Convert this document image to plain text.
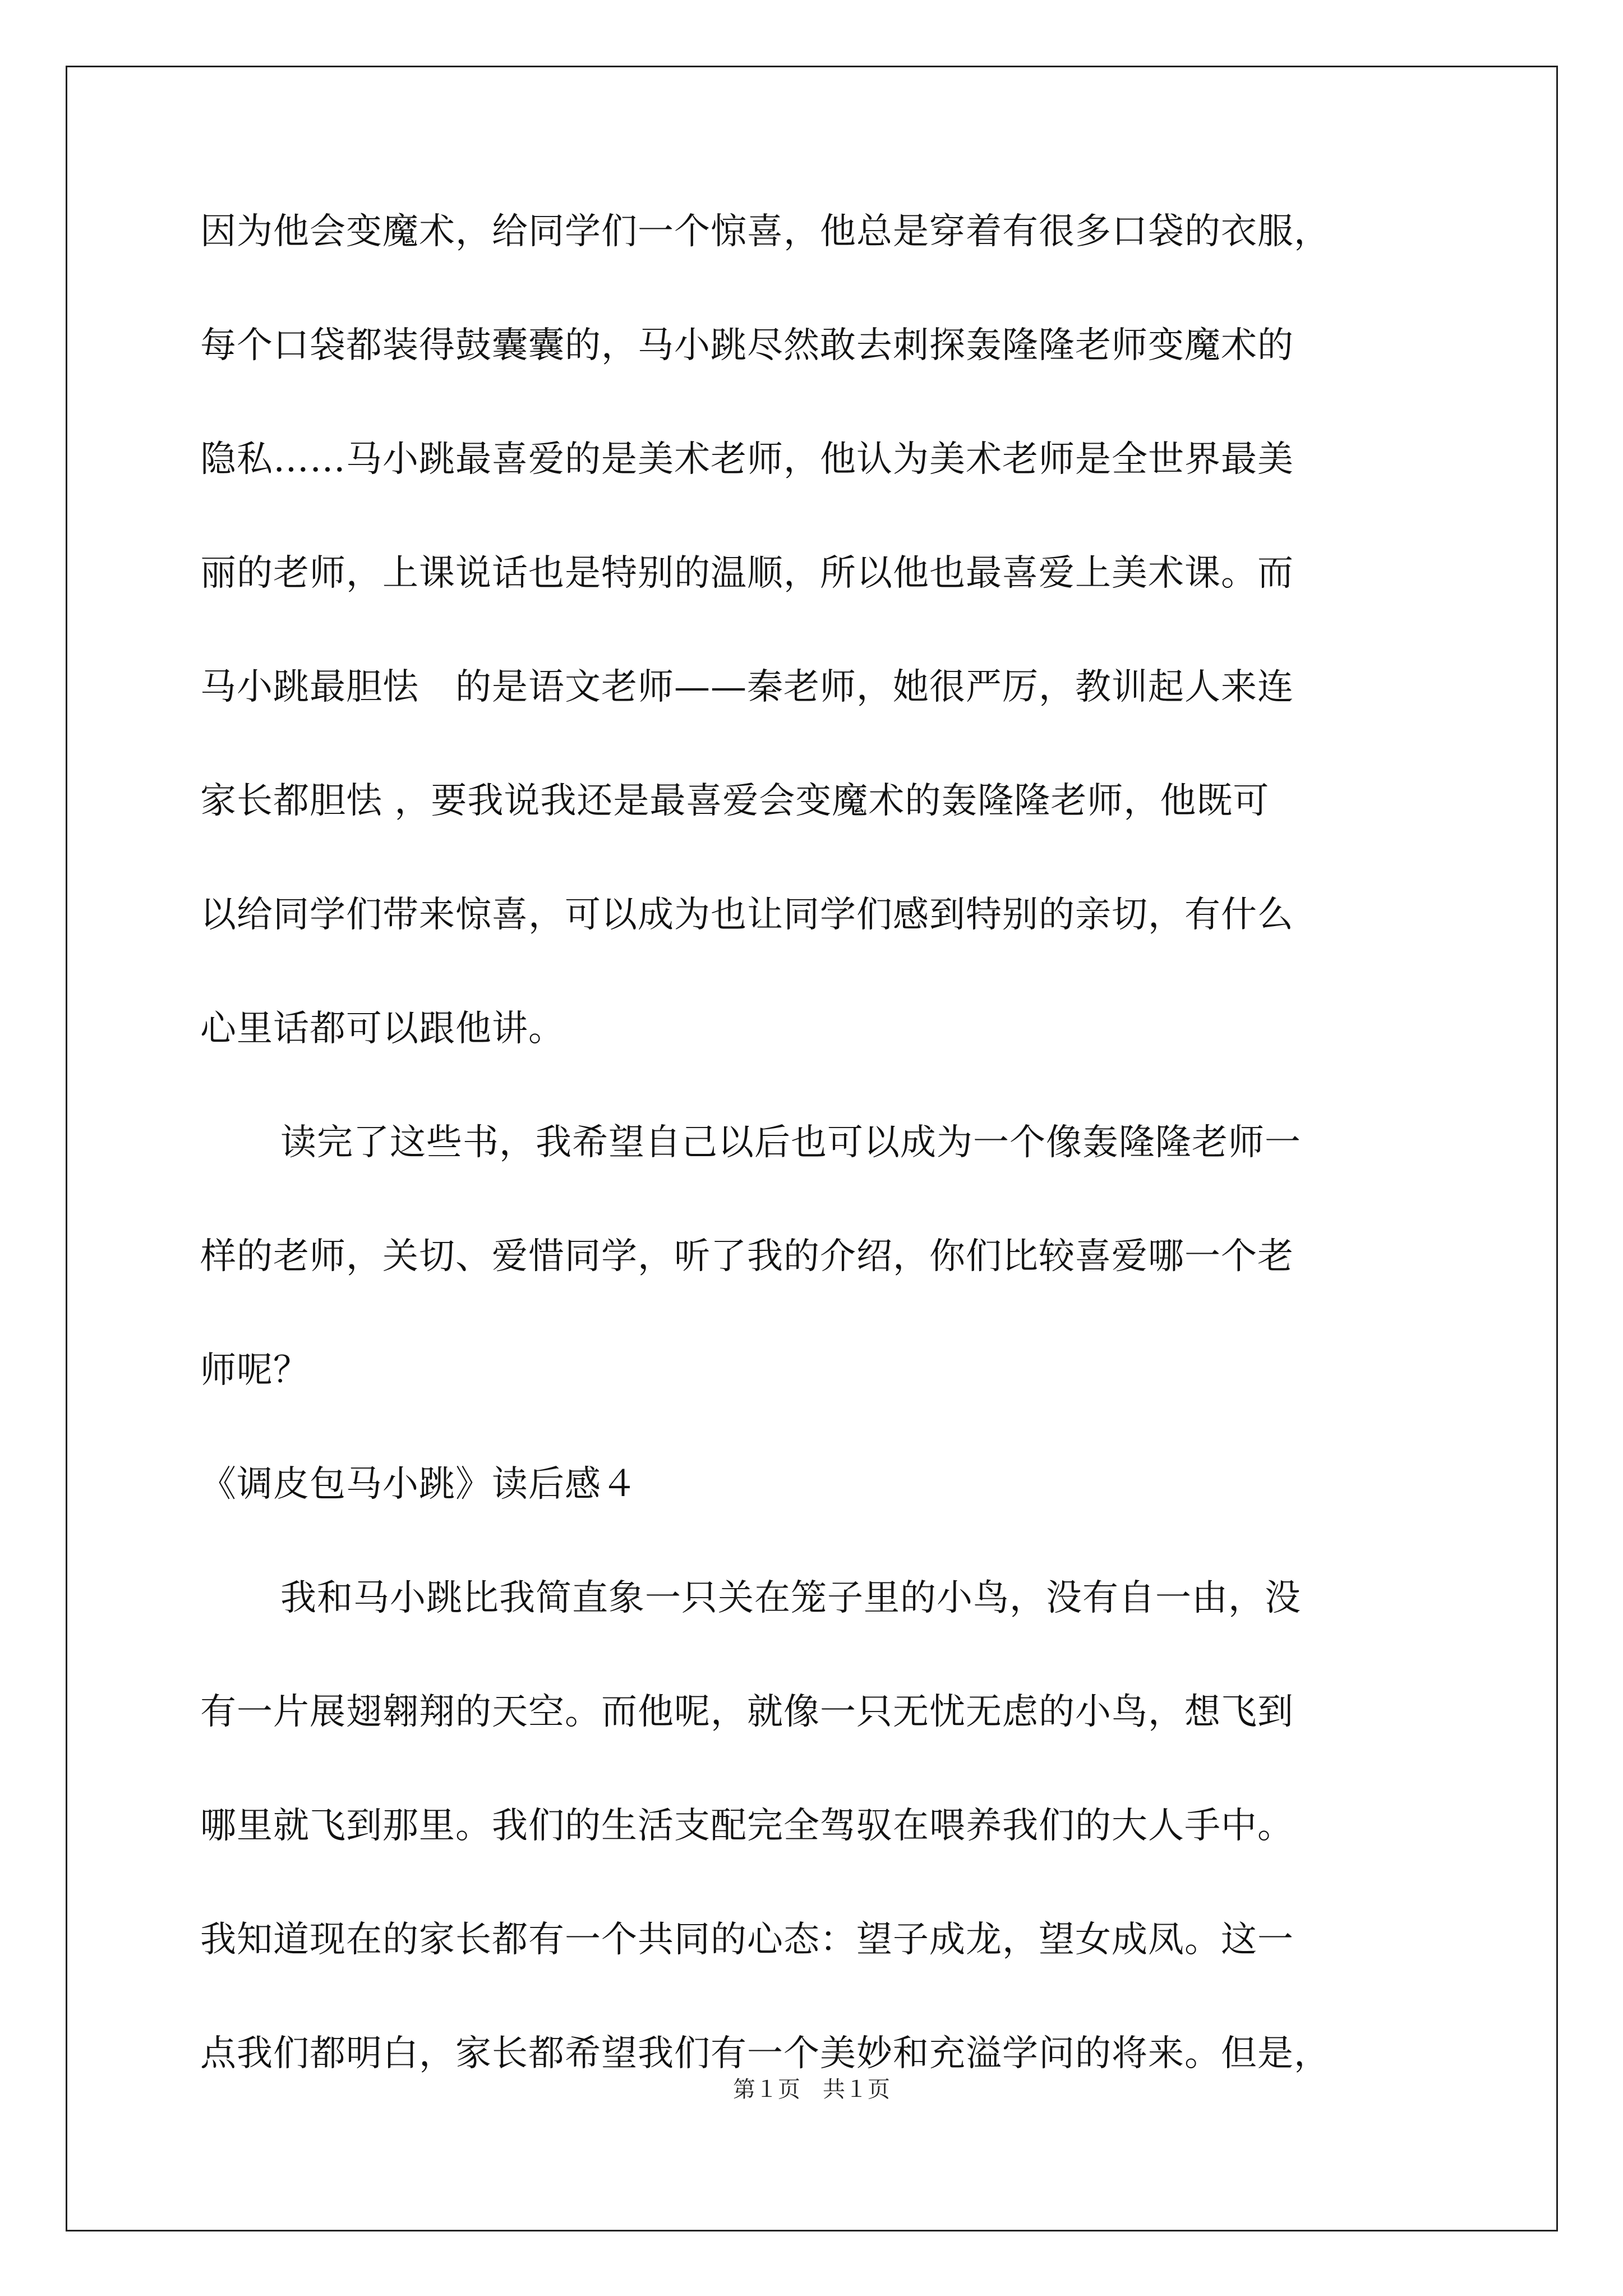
因为他会变魔术，给同学们一个惊喜，他总是穿着有很多口袋的衣服，
每个口袋都装得鼓囊囊的，马小跳尽然敢去刺探轰隆隆老师变魔术的
隐私……马小跳最喜爱的是美术老师，他认为美术老师是全世界最美
丽的老师，上课说话也是特别的温顺，所以他也最喜爱上美术课。而
马小跳最胆怯　的是语文老师——秦老师，她很严厉，教训起人来连
家长都胆怯 ，要我说我还是最喜爱会变魔术的轰隆隆老师，他既可
以给同学们带来惊喜，可以成为也让同学们感到特别的亲切，有什么
心里话都可以跟他讲。
读完了这些书，我希望自己以后也可以成为一个像轰隆隆老师一
样的老师，关切、爱惜同学，听了我的介绍，你们比较喜爱哪一个老
师呢？
《调皮包马小跳》读后感４
我和马小跳比我简直象一只关在笼子里的小鸟，没有自一由，没
有一片展翅翱翔的天空。而他呢，就像一只无忧无虑的小鸟，想飞到
哪里就飞到那里。我们的生活支配完全驾驭在喂养我们的大人手中。
我知道现在的家长都有一个共同的心态：望子成龙，望女成凤。这一
点我们都明白，家长都希望我们有一个美妙和充溢学问的将来。但是，
第１页　共１页
